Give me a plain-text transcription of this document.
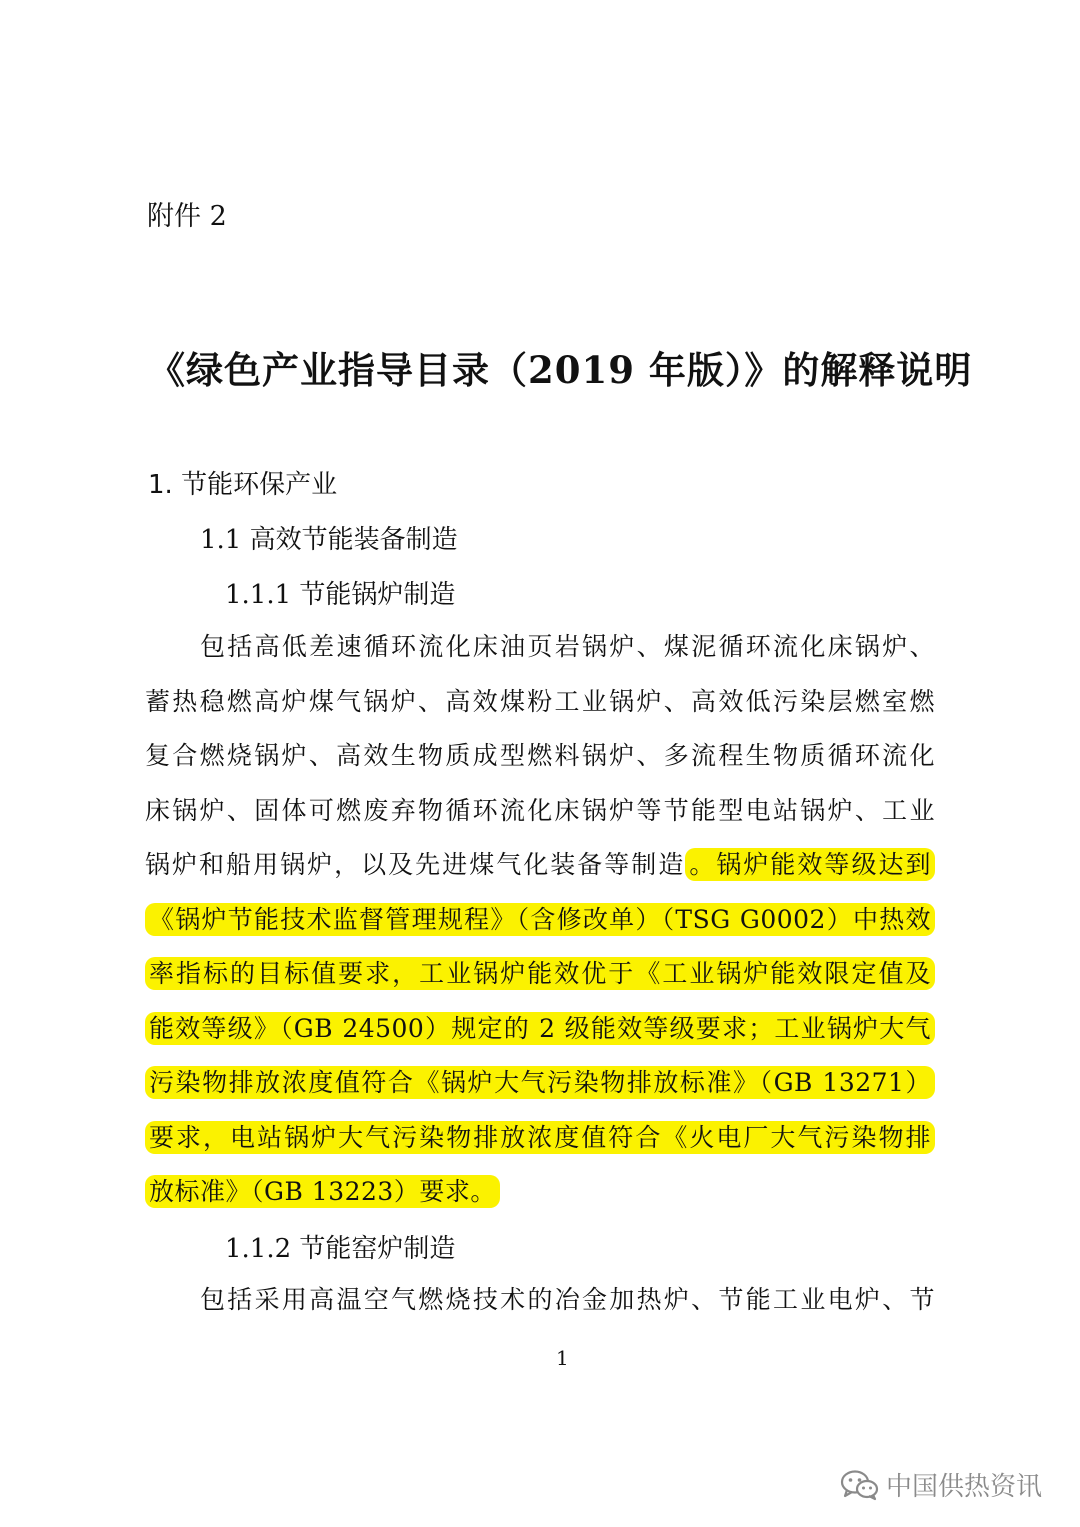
附件 2
《绿色产业指导目录（2019 年版）》的解释说明
1. 节能环保产业
1.1 高效节能装备制造
1.1.1 节能锅炉制造
包括高低差速循环流化床油页岩锅炉、煤泥循环流化床锅炉、
蓄热稳燃高炉煤气锅炉、高效煤粉工业锅炉、高效低污染层燃室燃
复合燃烧锅炉、高效生物质成型燃料锅炉、多流程生物质循环流化
床锅炉、固体可燃废弃物循环流化床锅炉等节能型电站锅炉、工业
锅炉和船用锅炉，以及先进煤气化装备等制造 。锅炉能效等级达到
《锅炉节能技术监督管理规程》（含修改单）（TSG G0002）中热效
率指标的目标值要求，工业锅炉能效优于《工业锅炉能效限定值及
能效等级》（GB 24500）规定的 2 级能效等级要求；工业锅炉大气
污染物排放浓度值符合《锅炉大气污染物排放标准》（GB 13271）
要求，电站锅炉大气污染物排放浓度值符合《火电厂大气污染物排
放标准》（GB 13223）要求。
1.1.2 节能窑炉制造
包括采用高温空气燃烧技术的冶金加热炉、节能工业电炉、节
1
中国供热资讯
